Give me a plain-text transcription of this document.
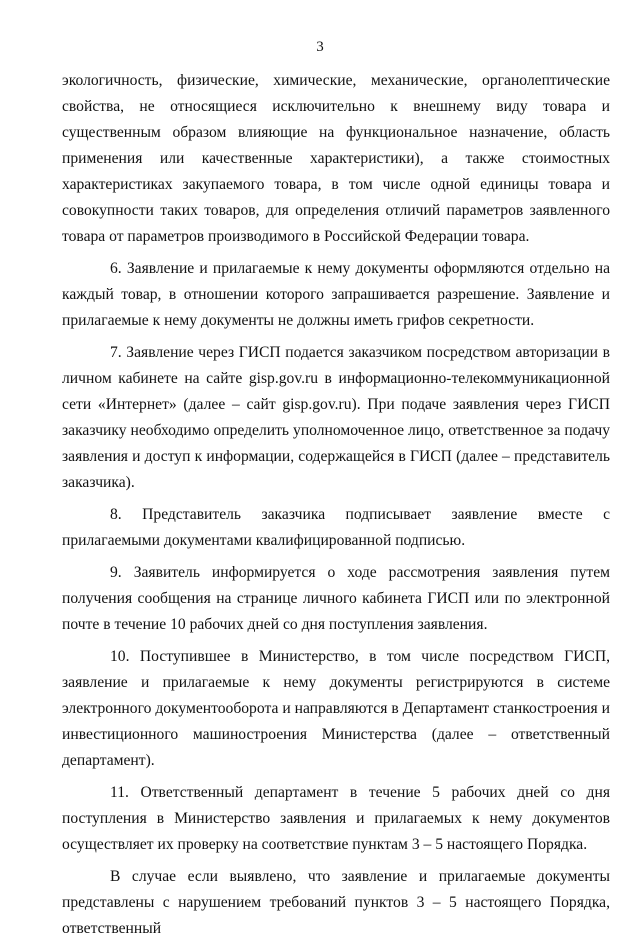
3

экологичность, физические, химические, механические, органолептические свойства, не относящиеся исключительно к внешнему виду товара и существенным образом влияющие на функциональное назначение, область применения или качественные характеристики), а также стоимостных характеристиках закупаемого товара, в том числе одной единицы товара и совокупности таких товаров, для определения отличий параметров заявленного товара от параметров производимого в Российской Федерации товара.

6. Заявление и прилагаемые к нему документы оформляются отдельно на каждый товар, в отношении которого запрашивается разрешение. Заявление и прилагаемые к нему документы не должны иметь грифов секретности.

7. Заявление через ГИСП подается заказчиком посредством авторизации в личном кабинете на сайте gisp.gov.ru в информационно-телекоммуникационной сети «Интернет» (далее – сайт gisp.gov.ru). При подаче заявления через ГИСП заказчику необходимо определить уполномоченное лицо, ответственное за подачу заявления и доступ к информации, содержащейся в ГИСП (далее – представитель заказчика).

8. Представитель заказчика подписывает заявление вместе с прилагаемыми документами квалифицированной подписью.

9. Заявитель информируется о ходе рассмотрения заявления путем получения сообщения на странице личного кабинета ГИСП или по электронной почте в течение 10 рабочих дней со дня поступления заявления.

10. Поступившее в Министерство, в том числе посредством ГИСП, заявление и прилагаемые к нему документы регистрируются в системе электронного документооборота и направляются в Департамент станкостроения и инвестиционного машиностроения Министерства (далее – ответственный департамент).

11. Ответственный департамент в течение 5 рабочих дней со дня поступления в Министерство заявления и прилагаемых к нему документов осуществляет их проверку на соответствие пунктам 3 – 5 настоящего Порядка.

В случае если выявлено, что заявление и прилагаемые документы представлены с нарушением требований пунктов 3 – 5 настоящего Порядка, ответственный
